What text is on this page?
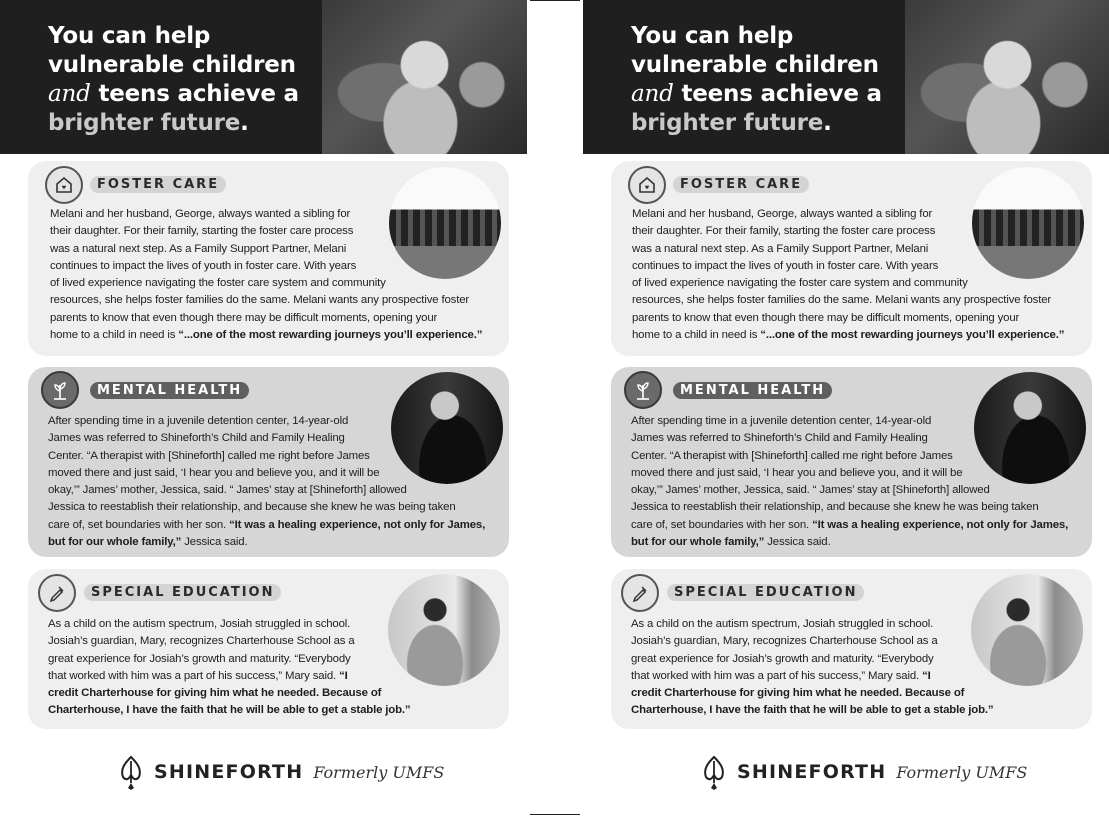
You can help
vulnerable children
and teens achieve a
brighter future.
FOSTER CARE
Melani and her husband, George, always wanted a sibling for
their daughter. For their family, starting the foster care process
was a natural next step. As a Family Support Partner, Melani
continues to impact the lives of youth in foster care. With years
of lived experience navigating the foster care system and community
resources, she helps foster families do the same. Melani wants any prospective foster
parents to know that even though there may be difficult moments, opening your
home to a child in need is “...one of the most rewarding journeys you’ll experience.”
MENTAL HEALTH
After spending time in a juvenile detention center, 14-year-old
James was referred to Shineforth’s Child and Family Healing
Center. “A therapist with [Shineforth] called me right before James
moved there and just said, ‘I hear you and believe you, and it will be
okay,’” James’ mother, Jessica, said. “ James’ stay at [Shineforth] allowed
Jessica to reestablish their relationship, and because she knew he was being taken
care of, set boundaries with her son. “It was a healing experience, not only for James,
but for our whole family,” Jessica said.
SPECIAL EDUCATION
As a child on the autism spectrum, Josiah struggled in school.
Josiah’s guardian, Mary, recognizes Charterhouse School as a
great experience for Josiah’s growth and maturity. “Everybody
that worked with him was a part of his success,” Mary said. “I
credit Charterhouse for giving him what he needed. Because of
Charterhouse, I have the faith that he will be able to get a stable job.”
SHINEFORTH Formerly UMFS
You can help
vulnerable children
and teens achieve a
brighter future.
FOSTER CARE
Melani and her husband, George, always wanted a sibling for
their daughter. For their family, starting the foster care process
was a natural next step. As a Family Support Partner, Melani
continues to impact the lives of youth in foster care. With years
of lived experience navigating the foster care system and community
resources, she helps foster families do the same. Melani wants any prospective foster
parents to know that even though there may be difficult moments, opening your
home to a child in need is “...one of the most rewarding journeys you’ll experience.”
MENTAL HEALTH
After spending time in a juvenile detention center, 14-year-old
James was referred to Shineforth’s Child and Family Healing
Center. “A therapist with [Shineforth] called me right before James
moved there and just said, ‘I hear you and believe you, and it will be
okay,’” James’ mother, Jessica, said. “ James’ stay at [Shineforth] allowed
Jessica to reestablish their relationship, and because she knew he was being taken
care of, set boundaries with her son. “It was a healing experience, not only for James,
but for our whole family,” Jessica said.
SPECIAL EDUCATION
As a child on the autism spectrum, Josiah struggled in school.
Josiah’s guardian, Mary, recognizes Charterhouse School as a
great experience for Josiah’s growth and maturity. “Everybody
that worked with him was a part of his success,” Mary said. “I
credit Charterhouse for giving him what he needed. Because of
Charterhouse, I have the faith that he will be able to get a stable job.”
SHINEFORTH Formerly UMFS
